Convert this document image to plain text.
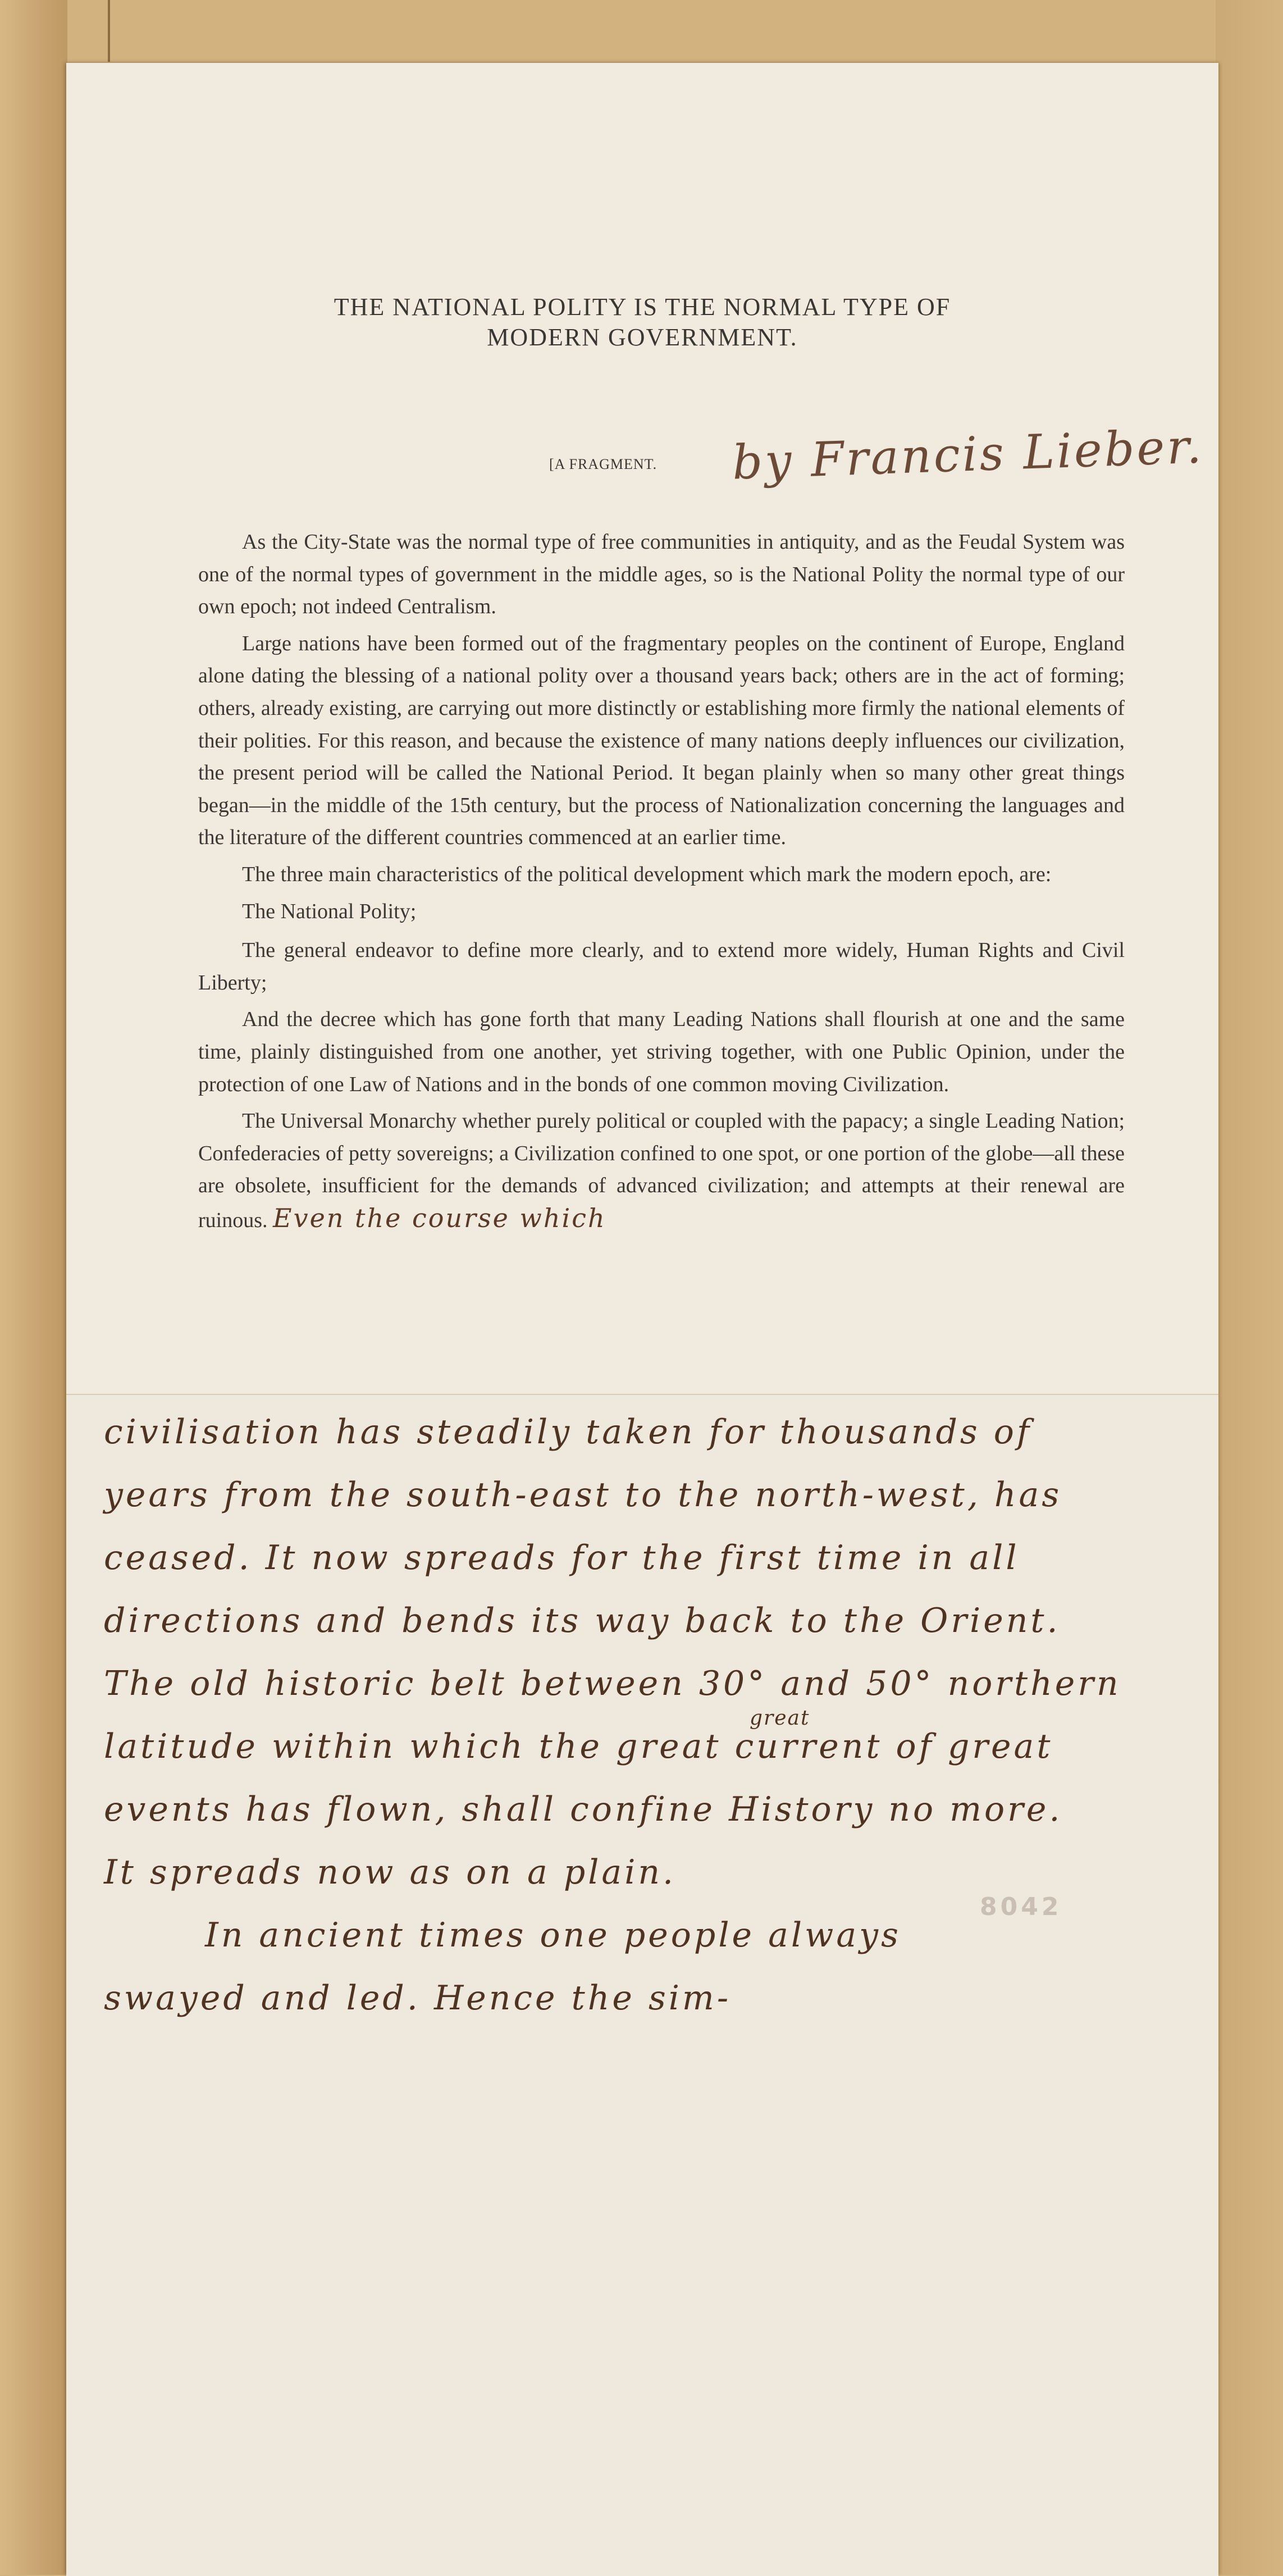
THE NATIONAL POLITY IS THE NORMAL TYPE OF
MODERN GOVERNMENT.
[A FRAGMENT. by Francis Lieber.

As the City-State was the normal type of free communities in antiquity, and as the Feudal System was one of the normal types of government in the middle ages, so is the National Polity the normal type of our own epoch; not indeed Centralism.

Large nations have been formed out of the fragmentary peoples on the continent of Europe, England alone dating the blessing of a national polity over a thousand years back; others are in the act of forming; others, already existing, are carrying out more distinctly or establishing more firmly the national elements of their polities. For this reason, and because the existence of many nations deeply influences our civilization, the present period will be called the National Period. It began plainly when so many other great things began—in the middle of the 15th century, but the process of Nationalization concerning the languages and the literature of the different countries commenced at an earlier time.

The three main characteristics of the political development which mark the modern epoch, are:

The National Polity;

The general endeavor to define more clearly, and to extend more widely, Human Rights and Civil Liberty;

And the decree which has gone forth that many Leading Nations shall flourish at one and the same time, plainly distinguished from one another, yet striving together, with one Public Opinion, under the protection of one Law of Nations and in the bonds of one common moving Civilization.

The Universal Monarchy whether purely political or coupled with the papacy; a single Leading Nation; Confederacies of petty sovereigns; a Civilization confined to one spot, or one portion of the globe—all these are obsolete, insufficient for the demands of advanced civilization; and attempts at their renewal are ruinous. Even the course which

civilisation has steadily taken for thousands of
years from the south-east to the north-west, has
ceased. It now spreads for the first time in all
directions and bends its way back to the Orient.
The old historic belt between 30° and 50° northern
latitude within which the great current of great
great
events has flown, shall confine History no more.
It spreads now as on a plain.
In ancient times one people always
swayed and led. Hence the sim-
8042
